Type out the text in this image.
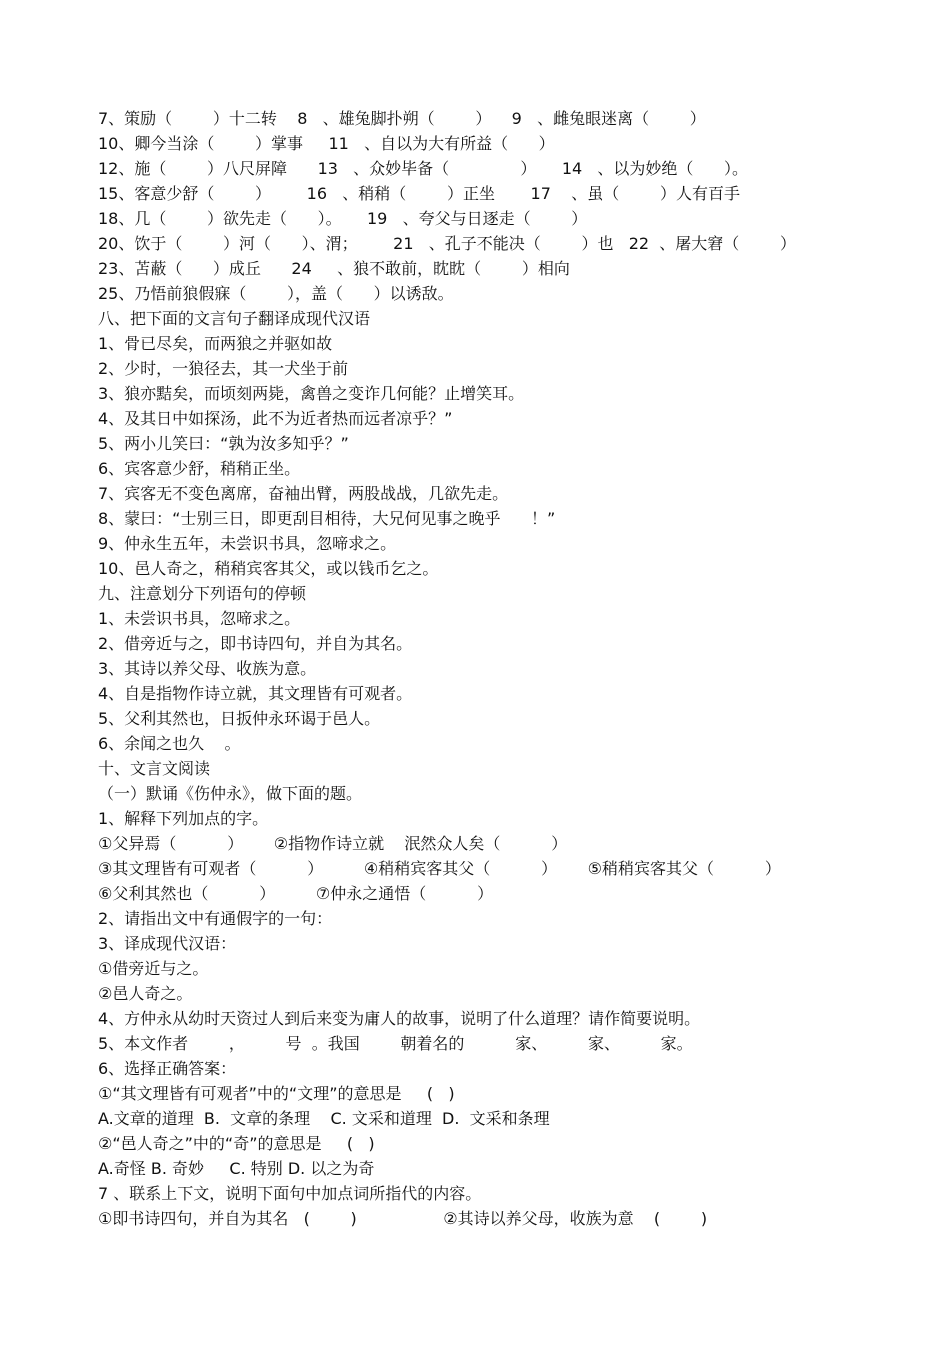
7、策励（        ）十二转    8   、雄兔脚扑朔（        ）    9   、雌兔眼迷离（        ）
10、卿今当涂（        ）掌事     11   、自以为大有所益（      ）
12、施（        ）八尺屏障      13   、众妙毕备（              ）     14   、以为妙绝（      ）。
15、客意少舒（        ）       16   、稍稍（        ）正坐       17    、虽（        ）人有百手
18、几（        ）欲先走（      ）。     19   、夸父与日逐走（        ）
20、饮于（        ）河（      ）、渭；       21   、孔子不能决（        ）也   22  、屠大窘（        ）
23、苫蔽（      ）成丘      24     、狼不敢前，眈眈（        ）相向
25、乃悟前狼假寐（        ），盖（      ）以诱敌。
八、把下面的文言句子翻译成现代汉语
1、骨已尽矣，而两狼之并驱如故
2、少时，一狼径去，其一犬坐于前
3、狼亦黠矣，而顷刻两毙，禽兽之变诈几何能？止增笑耳。
4、及其日中如探汤，此不为近者热而远者凉乎？”
5、两小儿笑曰：“孰为汝多知乎？”
6、宾客意少舒，稍稍正坐。
7、宾客无不变色离席，奋袖出臂，两股战战，几欲先走。
8、蒙曰：“士别三日，即更刮目相待，大兄何见事之晚乎      ！”
9、仲永生五年，未尝识书具，忽啼求之。
10、邑人奇之，稍稍宾客其父，或以钱币乞之。
九、注意划分下列语句的停顿
1、未尝识书具，忽啼求之。
2、借旁近与之，即书诗四句，并自为其名。
3、其诗以养父母、收族为意。
4、自是指物作诗立就，其文理皆有可观者。
5、父利其然也，日扳仲永环谒于邑人。
6、余闻之也久    。
十、文言文阅读
（一）默诵《伤仲永》，做下面的题。
1、解释下列加点的字。
①父异焉（          ）      ②指物作诗立就    泯然众人矣（          ）
③其文理皆有可观者（          ）        ④稍稍宾客其父（          ）      ⑤稍稍宾客其父（          ）
⑥父利其然也（          ）        ⑦仲永之通悟（          ）
2、请指出文中有通假字的一句：
3、译成现代汉语：
①借旁近与之。
②邑人奇之。
4、方仲永从幼时天资过人到后来变为庸人的故事，说明了什么道理？请作简要说明。
5、本文作者        ，        号  。我国        朝着名的          家、        家、        家。
6、选择正确答案：
①“其文理皆有可观者”中的“文理”的意思是     (   )
A.文章的道理  B.  文章的条理    C. 文采和道理  D.  文采和条理
②“邑人奇之”中的“奇”的意思是     (   )
A.奇怪 B. 奇妙     C. 特别 D. 以之为奇
7 、联系上下文，说明下面句中加点词所指代的内容。
①即书诗四句，并自为其名   (        )                 ②其诗以养父母，收族为意    (        )
